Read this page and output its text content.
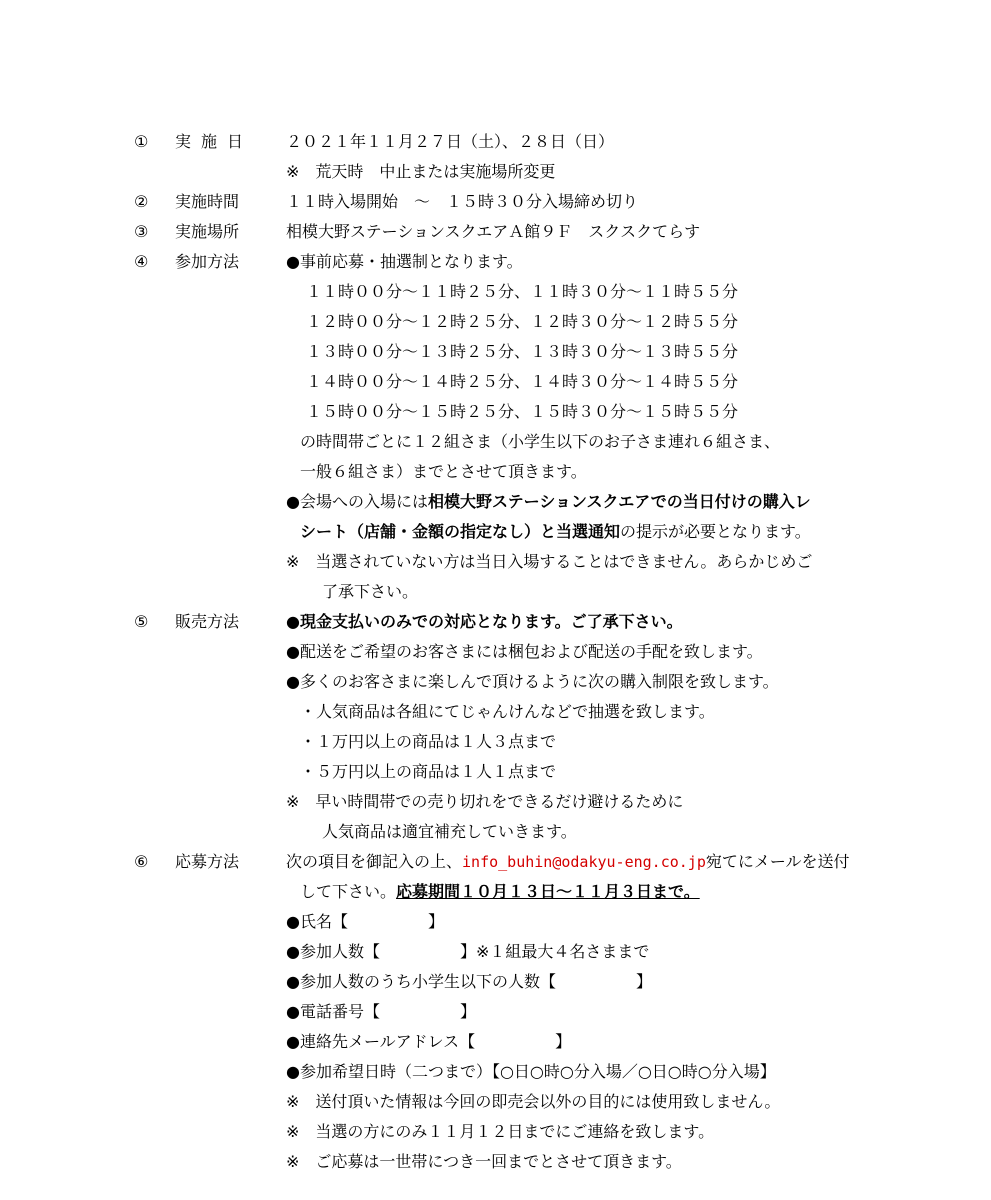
① 実施日 ２０２１年１１月２７日（土）、２８日（日）
※　荒天時　中止または実施場所変更
② 実施時間	１１時入場開始　～　１５時３０分入場締め切り
③ 実施場所	相模大野ステーションスクエアＡ館９Ｆ　スクスクてらす
④ 参加方法	●事前応募・抽選制となります。
１１時００分～１１時２５分、１１時３０分～１１時５５分
１２時００分～１２時２５分、１２時３０分～１２時５５分
１３時００分～１３時２５分、１３時３０分～１３時５５分
１４時００分～１４時２５分、１４時３０分～１４時５５分
１５時００分～１５時２５分、１５時３０分～１５時５５分
の時間帯ごとに１２組さま（小学生以下のお子さま連れ６組さま、
一般６組さま）までとさせて頂きます。
●会場への入場には相模大野ステーションスクエアでの当日付けの購入レ
シート（店舗・金額の指定なし）と当選通知の提示が必要となります。
※　当選されていない方は当日入場することはできません。あらかじめご
了承下さい。
⑤ 販売方法	●現金支払いのみでの対応となります。ご了承下さい。
●配送をご希望のお客さまには梱包および配送の手配を致します。
●多くのお客さまに楽しんで頂けるように次の購入制限を致します。
・人気商品は各組にてじゃんけんなどで抽選を致します。
・１万円以上の商品は１人３点まで
・５万円以上の商品は１人１点まで
※　早い時間帯での売り切れをできるだけ避けるために
人気商品は適宜補充していきます。
⑥ 応募方法	次の項目を御記入の上、info_buhin@odakyu-eng.co.jp宛てにメールを送付
して下さい。応募期間１０月１３日～１１月３日まで。
●氏名【　　　　　】
●参加人数【　　　　　】※１組最大４名さままで
●参加人数のうち小学生以下の人数【　　　　　】
●電話番号【　　　　　】
●連絡先メールアドレス【　　　　　】
●参加希望日時（二つまで）【○日○時○分入場／○日○時○分入場】
※　送付頂いた情報は今回の即売会以外の目的には使用致しません。
※　当選の方にのみ１１月１２日までにご連絡を致します。
※　ご応募は一世帯につき一回までとさせて頂きます。
